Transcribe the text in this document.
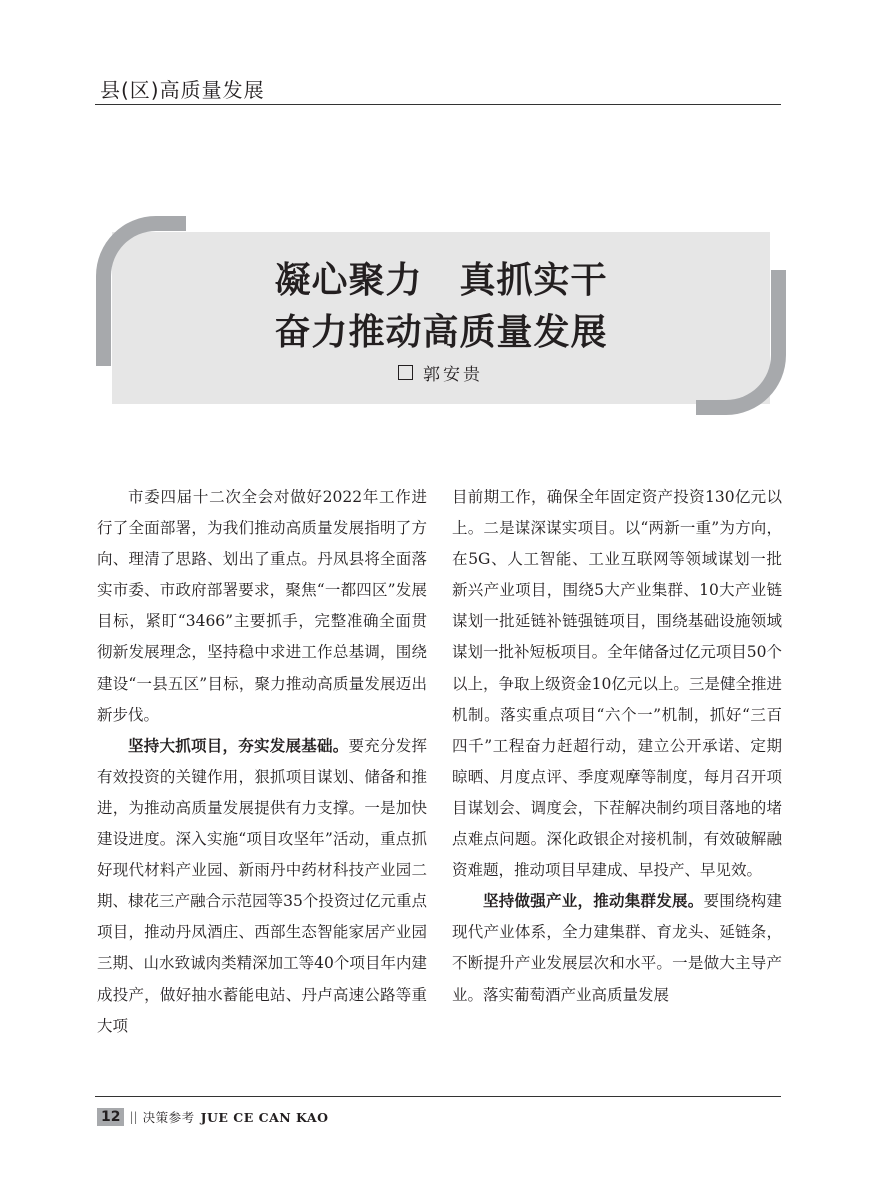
县(区)高质量发展
凝心聚力　真抓实干
奋力推动高质量发展
郭安贵

市委四届十二次全会对做好2022年工作进行了全面部署，为我们推动高质量发展指明了方向、理清了思路、划出了重点。丹凤县将全面落实市委、市政府部署要求，聚焦“一都四区”发展目标，紧盯“3466”主要抓手，完整准确全面贯彻新发展理念，坚持稳中求进工作总基调，围绕建设“一县五区”目标，聚力推动高质量发展迈出新步伐。

坚持大抓项目，夯实发展基础。要充分发挥有效投资的关键作用，狠抓项目谋划、储备和推进，为推动高质量发展提供有力支撑。一是加快建设进度。深入实施“项目攻坚年”活动，重点抓好现代材料产业园、新雨丹中药材科技产业园二期、棣花三产融合示范园等35个投资过亿元重点项目，推动丹凤酒庄、西部生态智能家居产业园三期、山水致诚肉类精深加工等40个项目年内建成投产，做好抽水蓄能电站、丹卢高速公路等重大项

目前期工作，确保全年固定资产投资130亿元以上。二是谋深谋实项目。以“两新一重”为方向，在5G、人工智能、工业互联网等领域谋划一批新兴产业项目，围绕5大产业集群、10大产业链谋划一批延链补链强链项目，围绕基础设施领域谋划一批补短板项目。全年储备过亿元项目50个以上，争取上级资金10亿元以上。三是健全推进机制。落实重点项目“六个一”机制，抓好“三百四千”工程奋力赶超行动，建立公开承诺、定期晾晒、月度点评、季度观摩等制度，每月召开项目谋划会、调度会，下茬解决制约项目落地的堵点难点问题。深化政银企对接机制，有效破解融资难题，推动项目早建成、早投产、早见效。

坚持做强产业，推动集群发展。要围绕构建现代产业体系，全力建集群、育龙头、延链条，不断提升产业发展层次和水平。一是做大主导产业。落实葡萄酒产业高质量发展

12 || 决策参考 JUE CE CAN KAO
